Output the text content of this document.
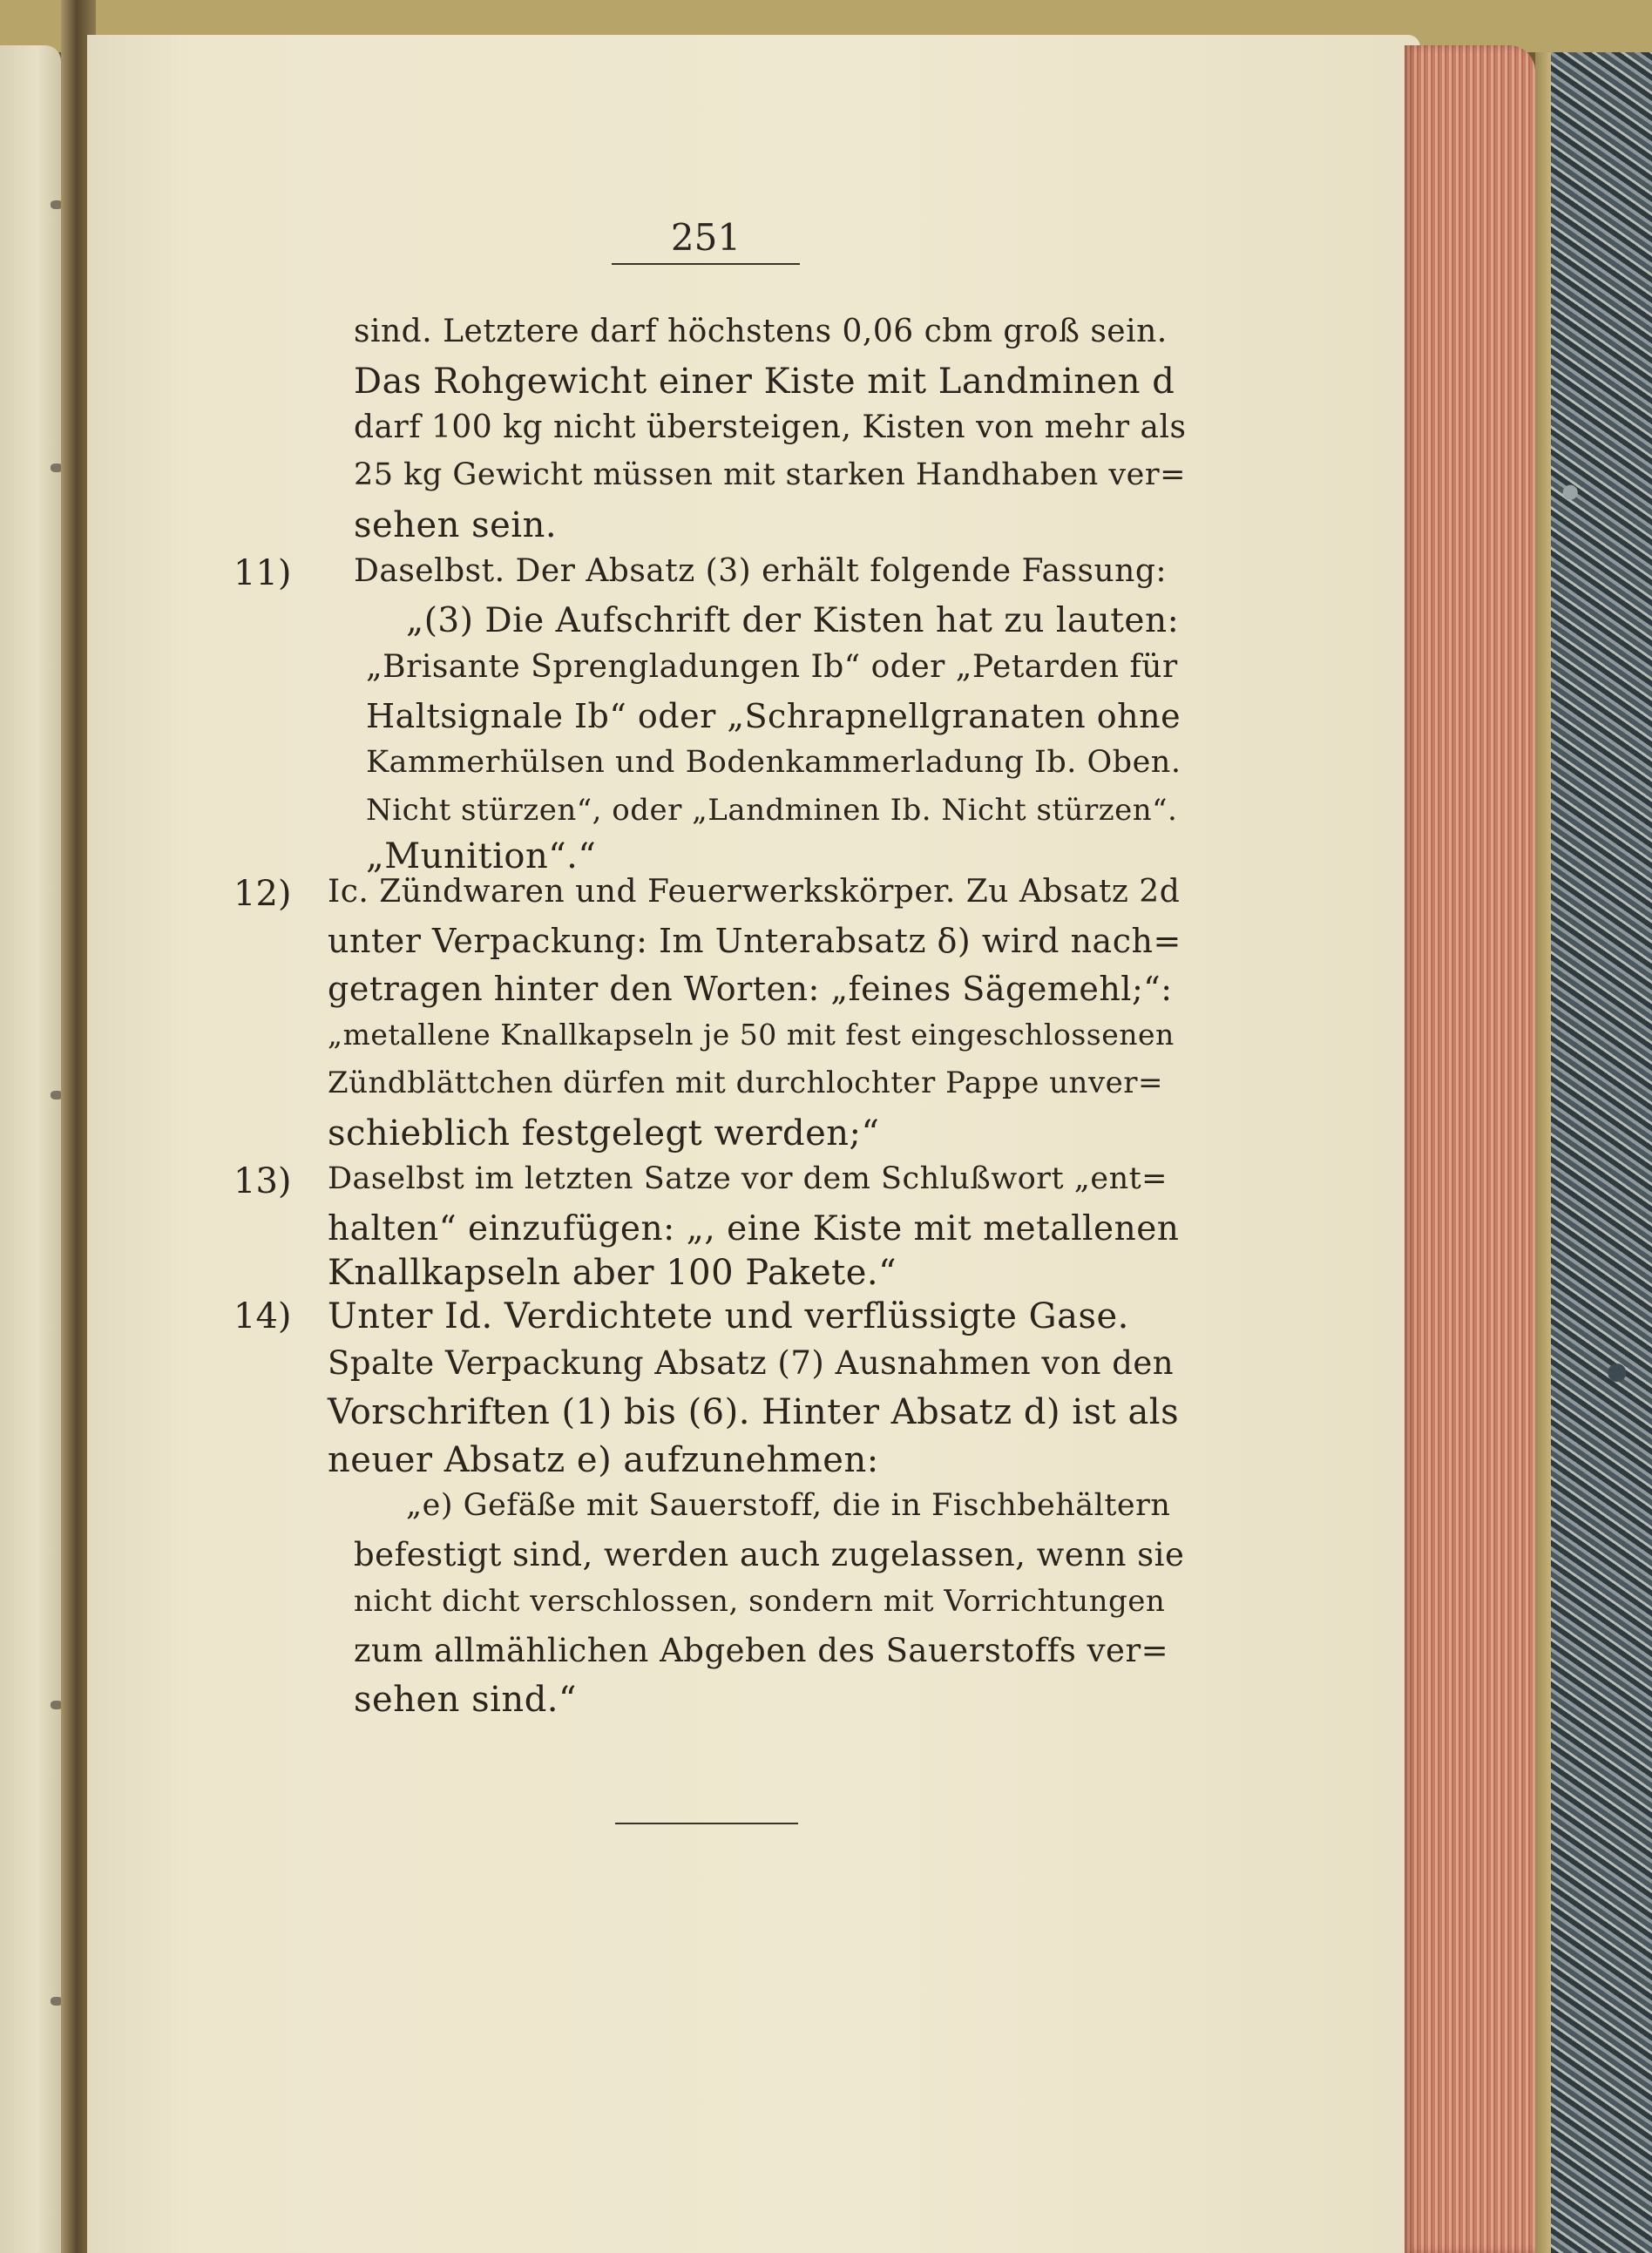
251
11)
12)
13)
14)
sind. Letztere darf höchstens 0,06 cbm groß sein.
Das Rohgewicht einer Kiste mit Landminen d
darf 100 kg nicht übersteigen, Kisten von mehr als
25 kg Gewicht müssen mit starken Handhaben ver=
sehen sein.
Daselbst. Der Absatz (3) erhält folgende Fassung:
„(3) Die Aufschrift der Kisten hat zu lauten:
„Brisante Sprengladungen Ib“ oder „Petarden für
Haltsignale Ib“ oder „Schrapnellgranaten ohne
Kammerhülsen und Bodenkammerladung Ib. Oben.
Nicht stürzen“, oder „Landminen Ib. Nicht stürzen“.
„Munition“.“
Ic. Zündwaren und Feuerwerkskörper. Zu Absatz 2d
unter Verpackung: Im Unterabsatz δ) wird nach=
getragen hinter den Worten: „feines Sägemehl;“:
„metallene Knallkapseln je 50 mit fest eingeschlossenen
Zündblättchen dürfen mit durchlochter Pappe unver=
schieblich festgelegt werden;“
Daselbst im letzten Satze vor dem Schlußwort „ent=
halten“ einzufügen: „, eine Kiste mit metallenen
Knallkapseln aber 100 Pakete.“
Unter Id. Verdichtete und verflüssigte Gase.
Spalte Verpackung Absatz (7) Ausnahmen von den
Vorschriften (1) bis (6). Hinter Absatz d) ist als
neuer Absatz e) aufzunehmen:
„e) Gefäße mit Sauerstoff, die in Fischbehältern
befestigt sind, werden auch zugelassen, wenn sie
nicht dicht verschlossen, sondern mit Vorrichtungen
zum allmählichen Abgeben des Sauerstoffs ver=
sehen sind.“
